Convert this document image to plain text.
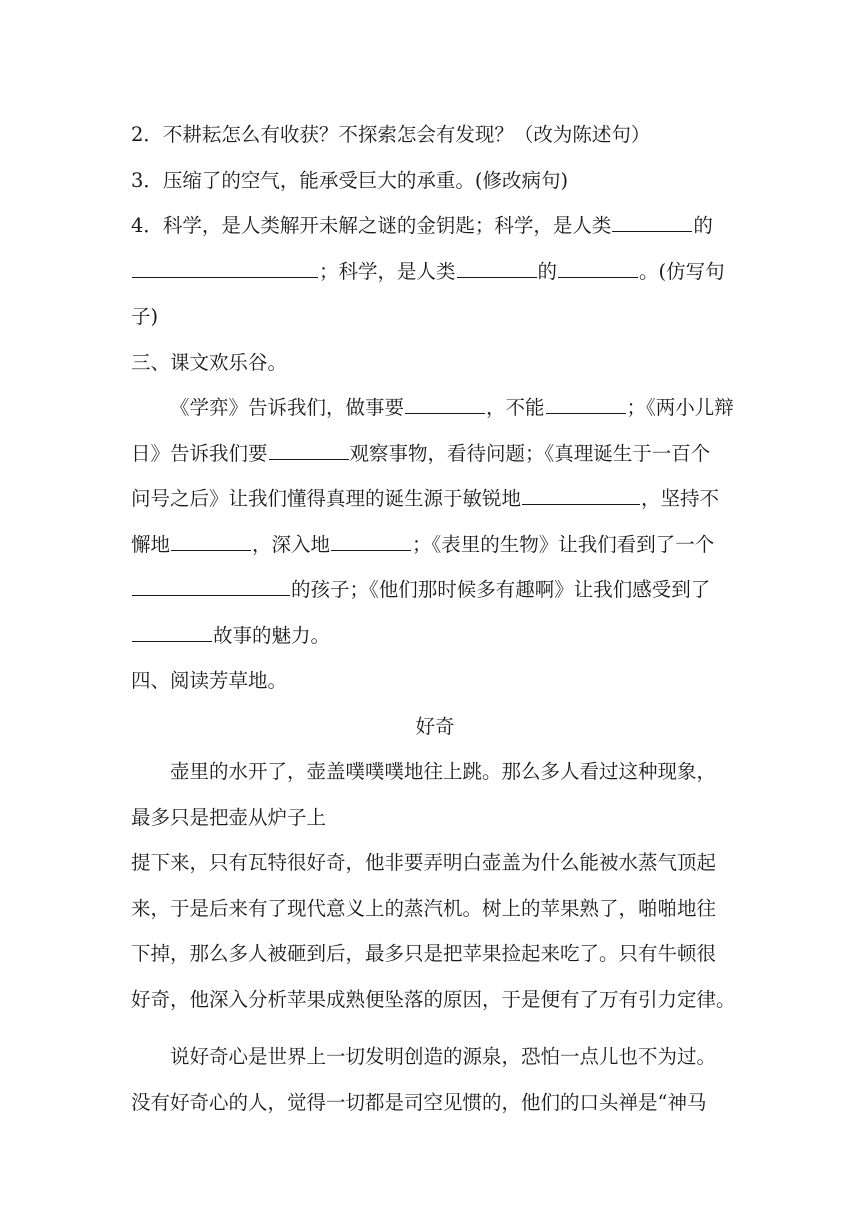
2．不耕耘怎么有收获？不探索怎会有发现？（改为陈述句）
3．压缩了的空气，能承受巨大的承重。(修改病句)
4．科学，是人类解开未解之谜的金钥匙；科学，是人类	的
；科学，是人类	的	。(仿写句
子)
三、课文欢乐谷。
《学弈》告诉我们，做事要	，不能	；《两小儿辩
日》告诉我们要	观察事物，看待问题；《真理诞生于一百个
问号之后》让我们懂得真理的诞生源于敏锐地	，坚持不
懈地	，深入地	；《表里的生物》让我们看到了一个
的孩子；《他们那时候多有趣啊》让我们感受到了
故事的魅力。
四、阅读芳草地。
好奇
壶里的水开了，壶盖噗噗噗地往上跳。那么多人看过这种现象，
最多只是把壶从炉子上
提下来，只有瓦特很好奇，他非要弄明白壶盖为什么能被水蒸气顶起
来，于是后来有了现代意义上的蒸汽机。树上的苹果熟了，啪啪地往
下掉，那么多人被砸到后，最多只是把苹果捡起来吃了。只有牛顿很
好奇，他深入分析苹果成熟便坠落的原因，于是便有了万有引力定律。
说好奇心是世界上一切发明创造的源泉，恐怕一点儿也不为过。
没有好奇心的人，觉得一切都是司空见惯的，他们的口头禅是“神马
